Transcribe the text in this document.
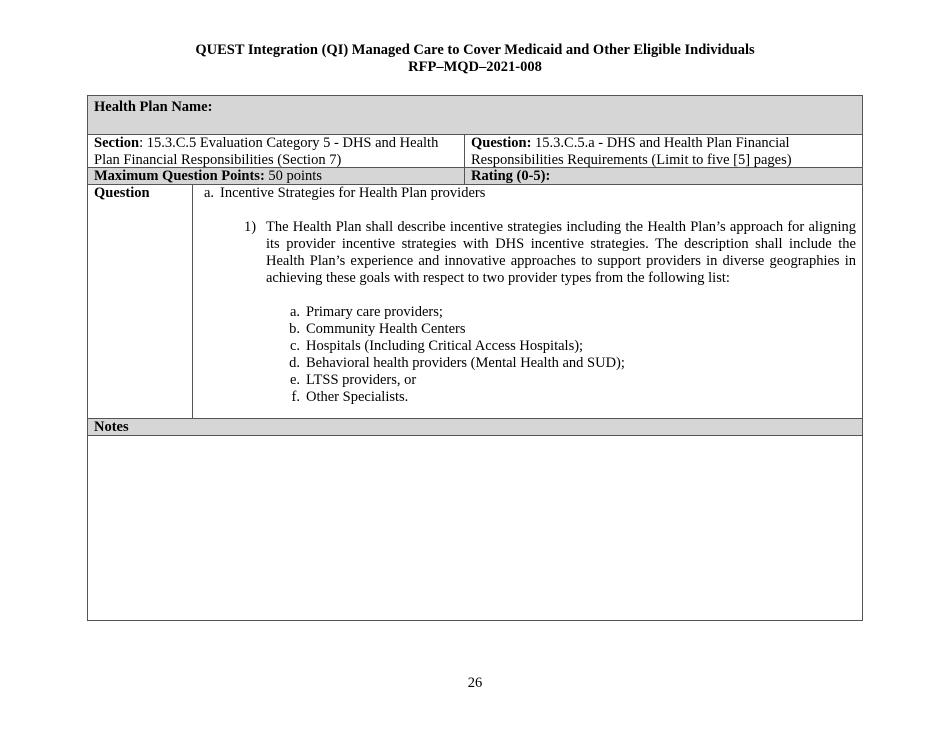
QUEST Integration (QI) Managed Care to Cover Medicaid and Other Eligible Individuals
RFP–MQD–2021-008
Health Plan Name:
Section: 15.3.C.5 Evaluation Category 5 - DHS and Health Plan Financial Responsibilities (Section 7)
Question: 15.3.C.5.a - DHS and Health Plan Financial Responsibilities Requirements (Limit to five [5] pages)
Maximum Question Points: 50 points	Rating (0-5):
Question	a. Incentive Strategies for Health Plan providers
1) The Health Plan shall describe incentive strategies including the Health Plan’s approach for aligning its provider incentive strategies with DHS incentive strategies. The description shall include the Health Plan’s experience and innovative approaches to support providers in diverse geographies in achieving these goals with respect to two provider types from the following list:
a. Primary care providers;
b. Community Health Centers
c. Hospitals (Including Critical Access Hospitals);
d. Behavioral health providers (Mental Health and SUD);
e. LTSS providers, or
f. Other Specialists.
Notes
26
